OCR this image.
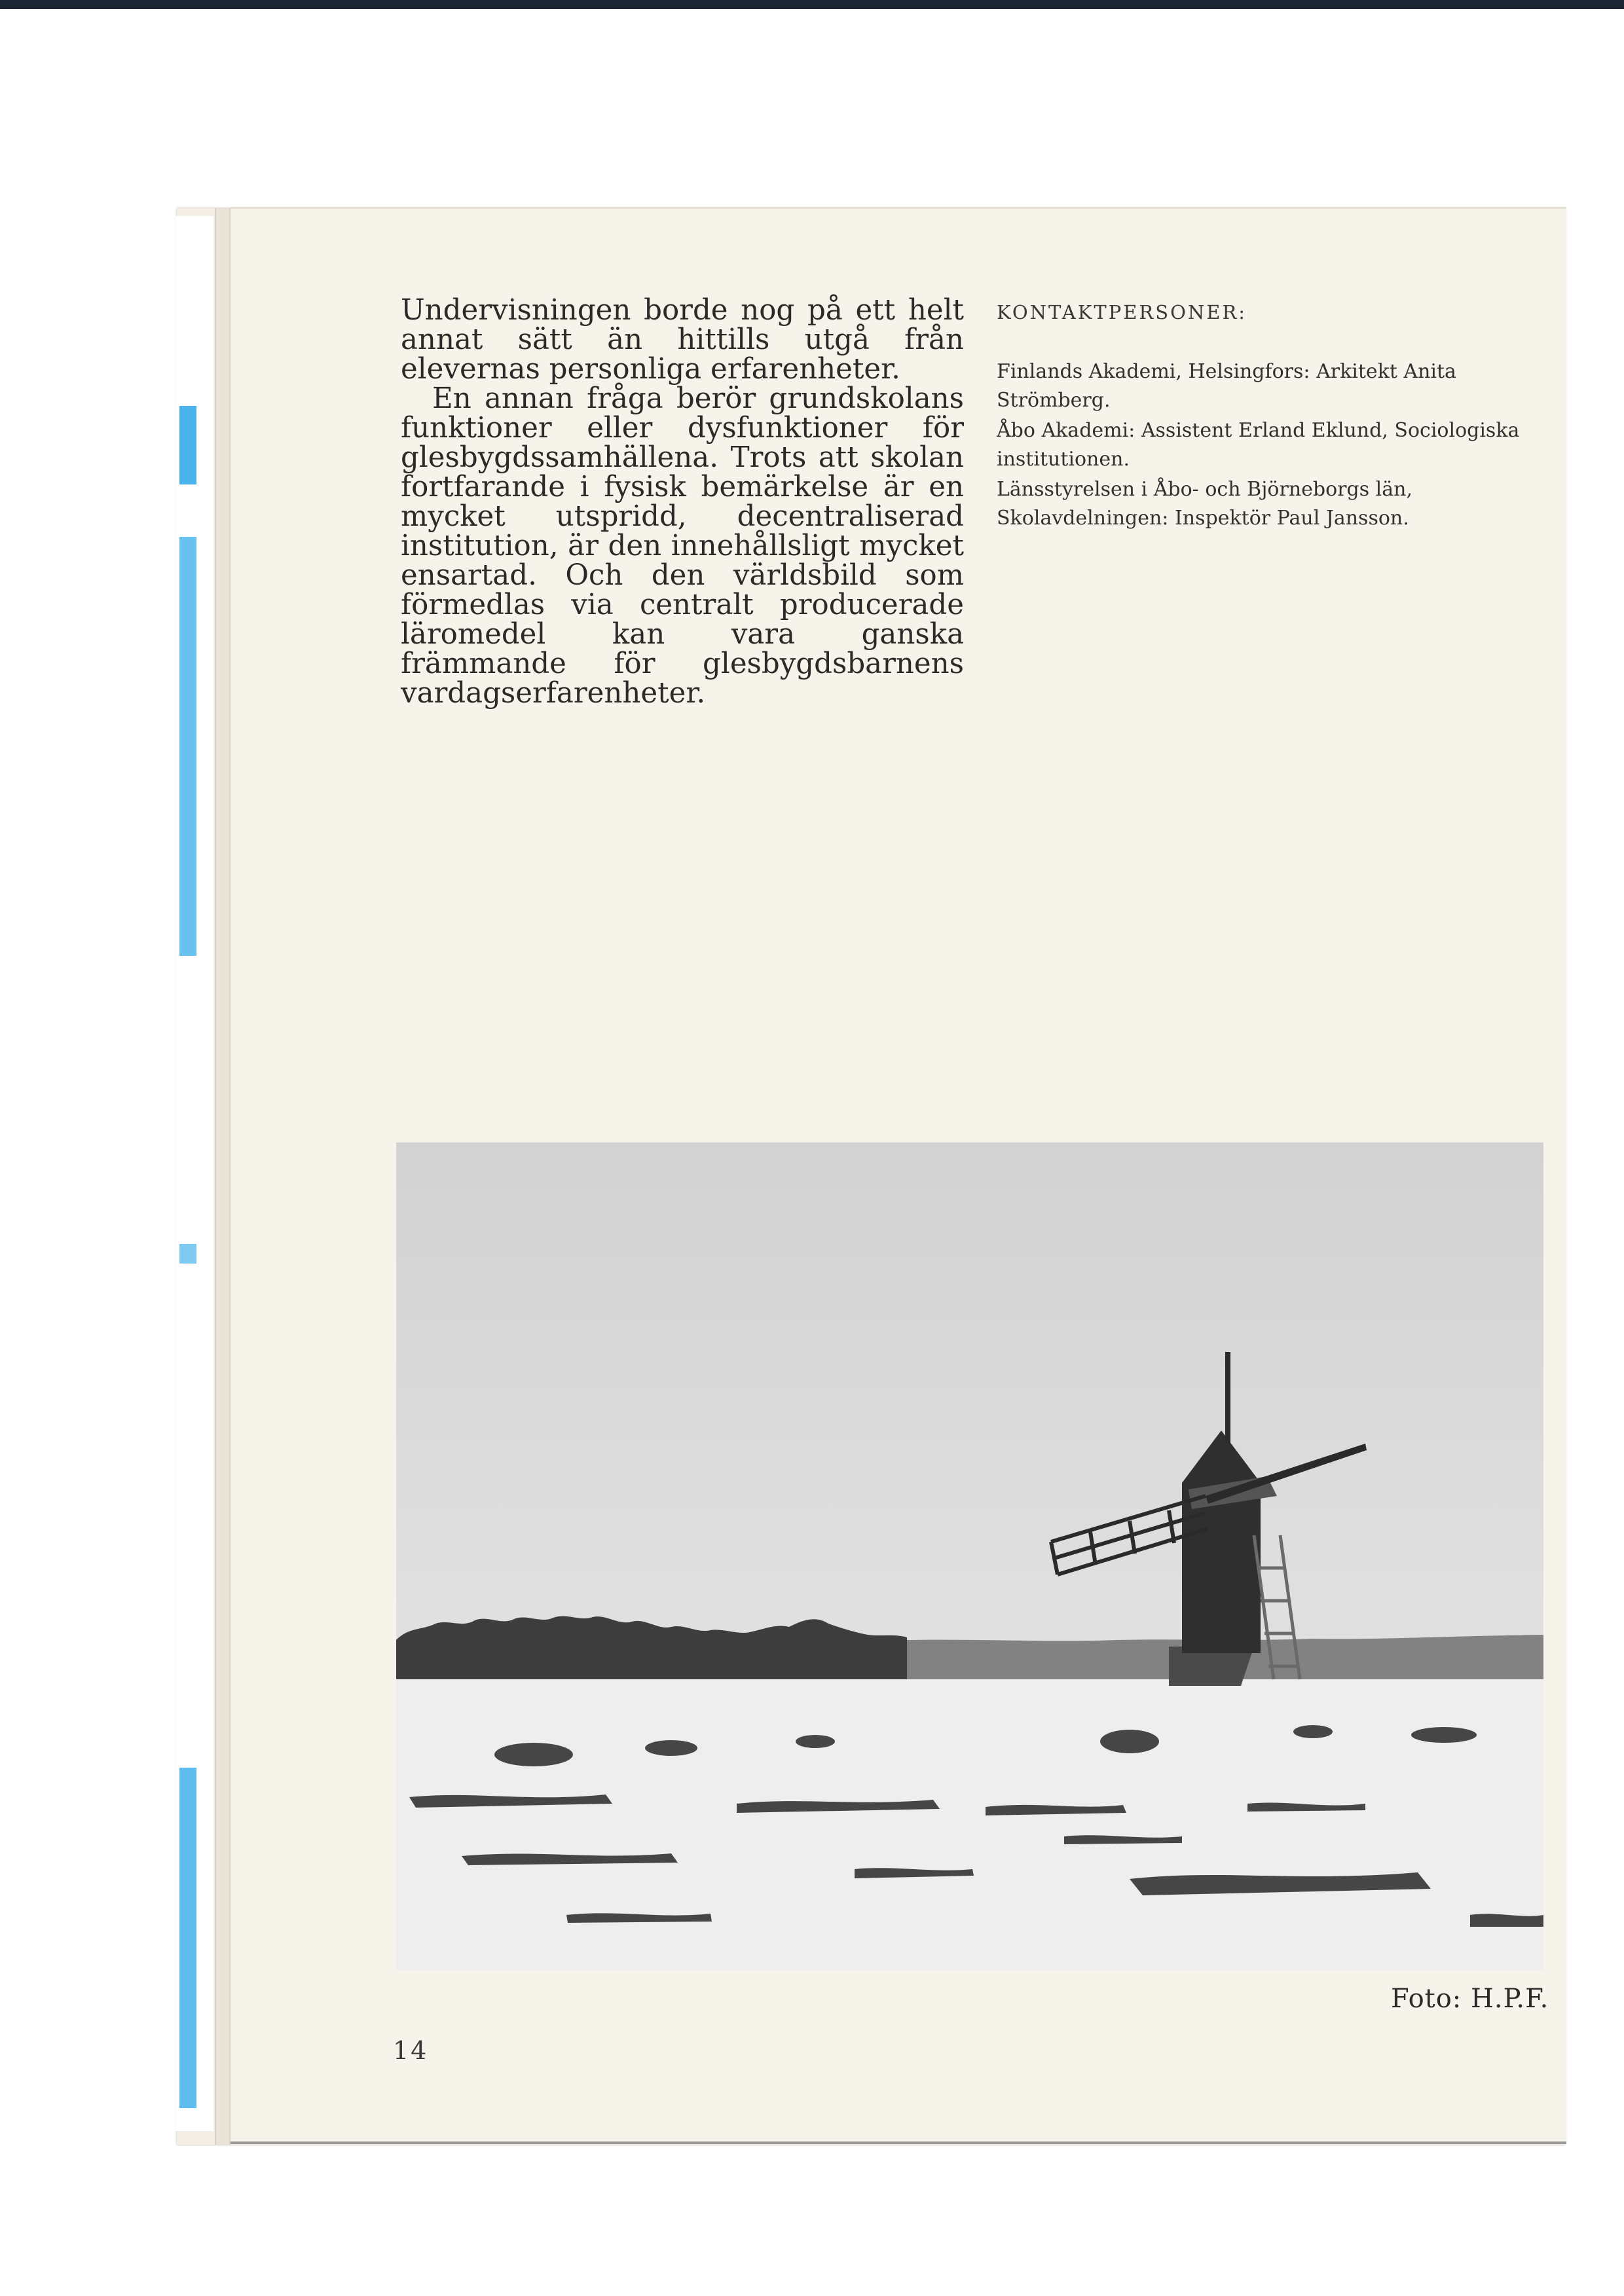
Undervisningen borde nog på ett helt annat sätt än hittills utgå från elevernas personliga erfarenheter.

En annan fråga berör grundskolans funktioner eller dysfunktioner för glesbygdssamhällena. Trots att skolan fortfarande i fysisk bemärkelse är en mycket utspridd, decentraliserad institution, är den innehållsligt mycket ensartad. Och den världsbild som förmedlas via centralt producerade läromedel kan vara ganska främmande för glesbygdsbarnens vardagserfarenheter.

KONTAKTPERSONER:
Finlands Akademi, Helsingfors: Arkitekt Anita Strömberg.
Åbo Akademi: Assistent Erland Eklund, Sociologiska institutionen.
Länsstyrelsen i Åbo- och Björneborgs län, Skolavdelningen: Inspektör Paul Jansson.
Foto: H.P.F.
14
